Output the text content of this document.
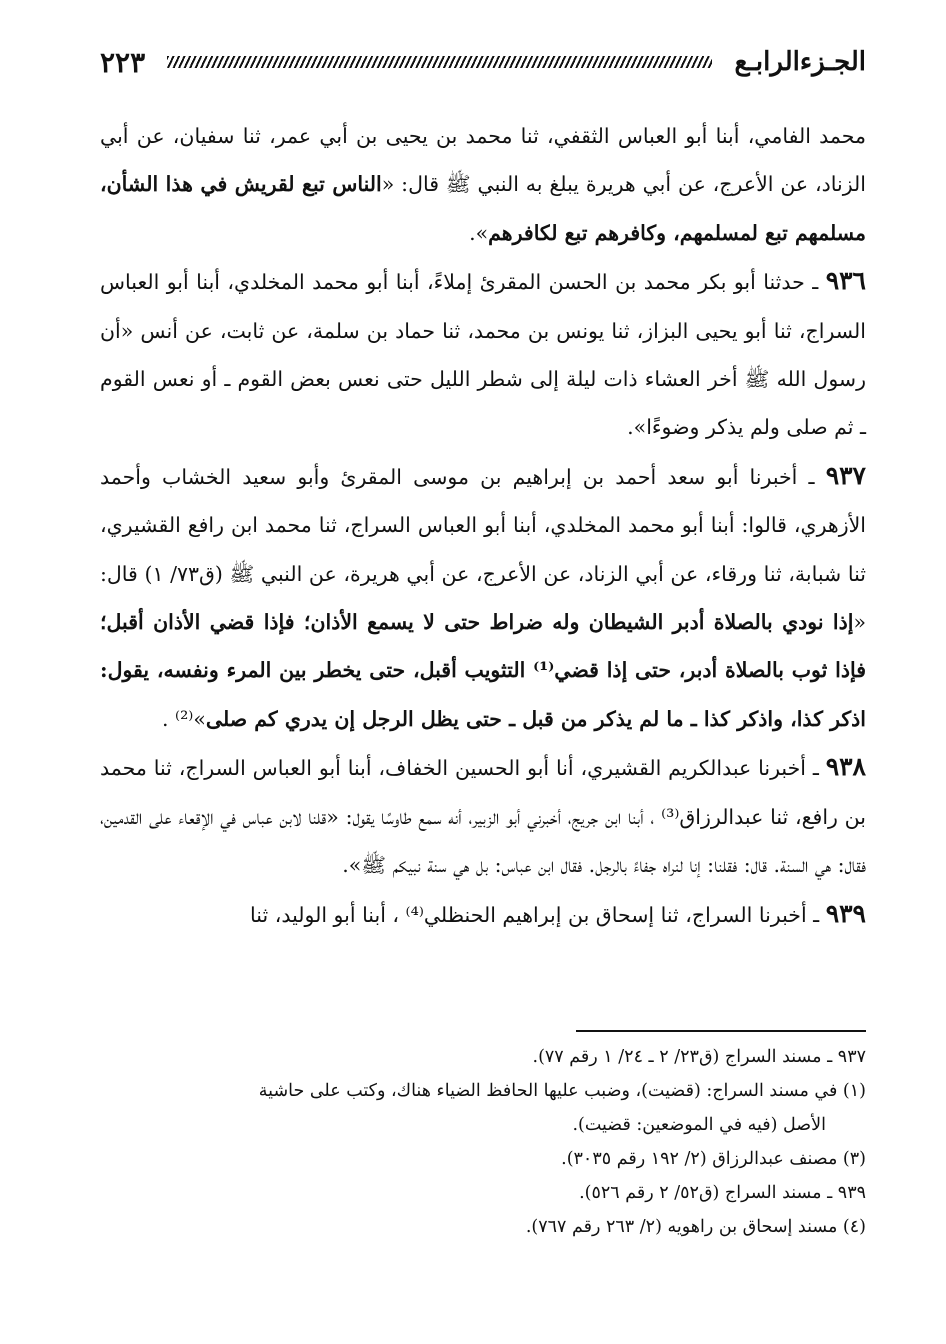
الجـزءالرابـع
٢٢٣

محمد الفامي، أبنا أبو العباس الثقفي، ثنا محمد بن يحيى بن أبي عمر، ثنا سفيان، عن أبي الزناد، عن الأعرج، عن أبي هريرة يبلغ به النبي ﷺ قال: «الناس تبع لقريش في هذا الشأن، مسلمهم تبع لمسلمهم، وكافرهم تبع لكافرهم».

٩٣٦ ـ حدثنا أبو بكر محمد بن الحسن المقرئ إملاءً، أبنا أبو محمد المخلدي، أبنا أبو العباس السراج، ثنا أبو يحيى البزاز، ثنا يونس بن محمد، ثنا حماد بن سلمة، عن ثابت، عن أنس «أن رسول الله ﷺ أخر العشاء ذات ليلة إلى شطر الليل حتى نعس بعض القوم ـ أو نعس القوم ـ ثم صلى ولم يذكر وضوءًا».

٩٣٧ ـ أخبرنا أبو سعد أحمد بن إبراهيم بن موسى المقرئ وأبو سعيد الخشاب وأحمد الأزهري، قالوا: أبنا أبو محمد المخلدي، أبنا أبو العباس السراج، ثنا محمد ابن رافع القشيري، ثنا شبابة، ثنا ورقاء، عن أبي الزناد، عن الأعرج، عن أبي هريرة، عن النبي ﷺ (ق٧٣/ ١) قال: «إذا نودي بالصلاة أدبر الشيطان وله ضراط حتى لا يسمع الأذان؛ فإذا قضي الأذان أقبل؛ فإذا ثوب بالصلاة أدبر، حتى إذا قضي⁽¹⁾ التثويب أقبل، حتى يخطر بين المرء ونفسه، يقول: اذكر كذا، واذكر كذا ـ ما لم يذكر من قبل ـ حتى يظل الرجل إن يدري كم صلى»⁽²⁾ .

٩٣٨ ـ أخبرنا عبدالكريم القشيري، أنا أبو الحسين الخفاف، أبنا أبو العباس السراج، ثنا محمد بن رافع، ثنا عبدالرزاق⁽³⁾ ، أبنا ابن جريج، أخبرني أبو الزبير، أنه سمع طاوسًا يقول: «قلنا لابن عباس في الإقعاء على القدمين، فقال: هي السنة. قال: فقلنا: إنا لنراه جفاءً بالرجل. فقال ابن عباس: بل هي سنة نبيكم ﷺ».

٩٣٩ ـ أخبرنا السراج، ثنا إسحاق بن إبراهيم الحنظلي⁽⁴⁾ ، أبنا أبو الوليد، ثنا

٩٣٧ ـ مسند السراج (ق٢٣/ ٢ ـ ٢٤/ ١ رقم ٧٧).

(١) في مسند السراج: (قضيت)، وضبب عليها الحافظ الضياء هناك، وكتب على حاشية

الأصل (فيه في الموضعين: قضيت).

(٣) مصنف عبدالرزاق (٢/ ١٩٢ رقم ٣٠٣٥).

٩٣٩ ـ مسند السراج (ق٥٢/ ٢ رقم ٥٢٦).

(٤) مسند إسحاق بن راهويه (٢/ ٢٦٣ رقم ٧٦٧).
